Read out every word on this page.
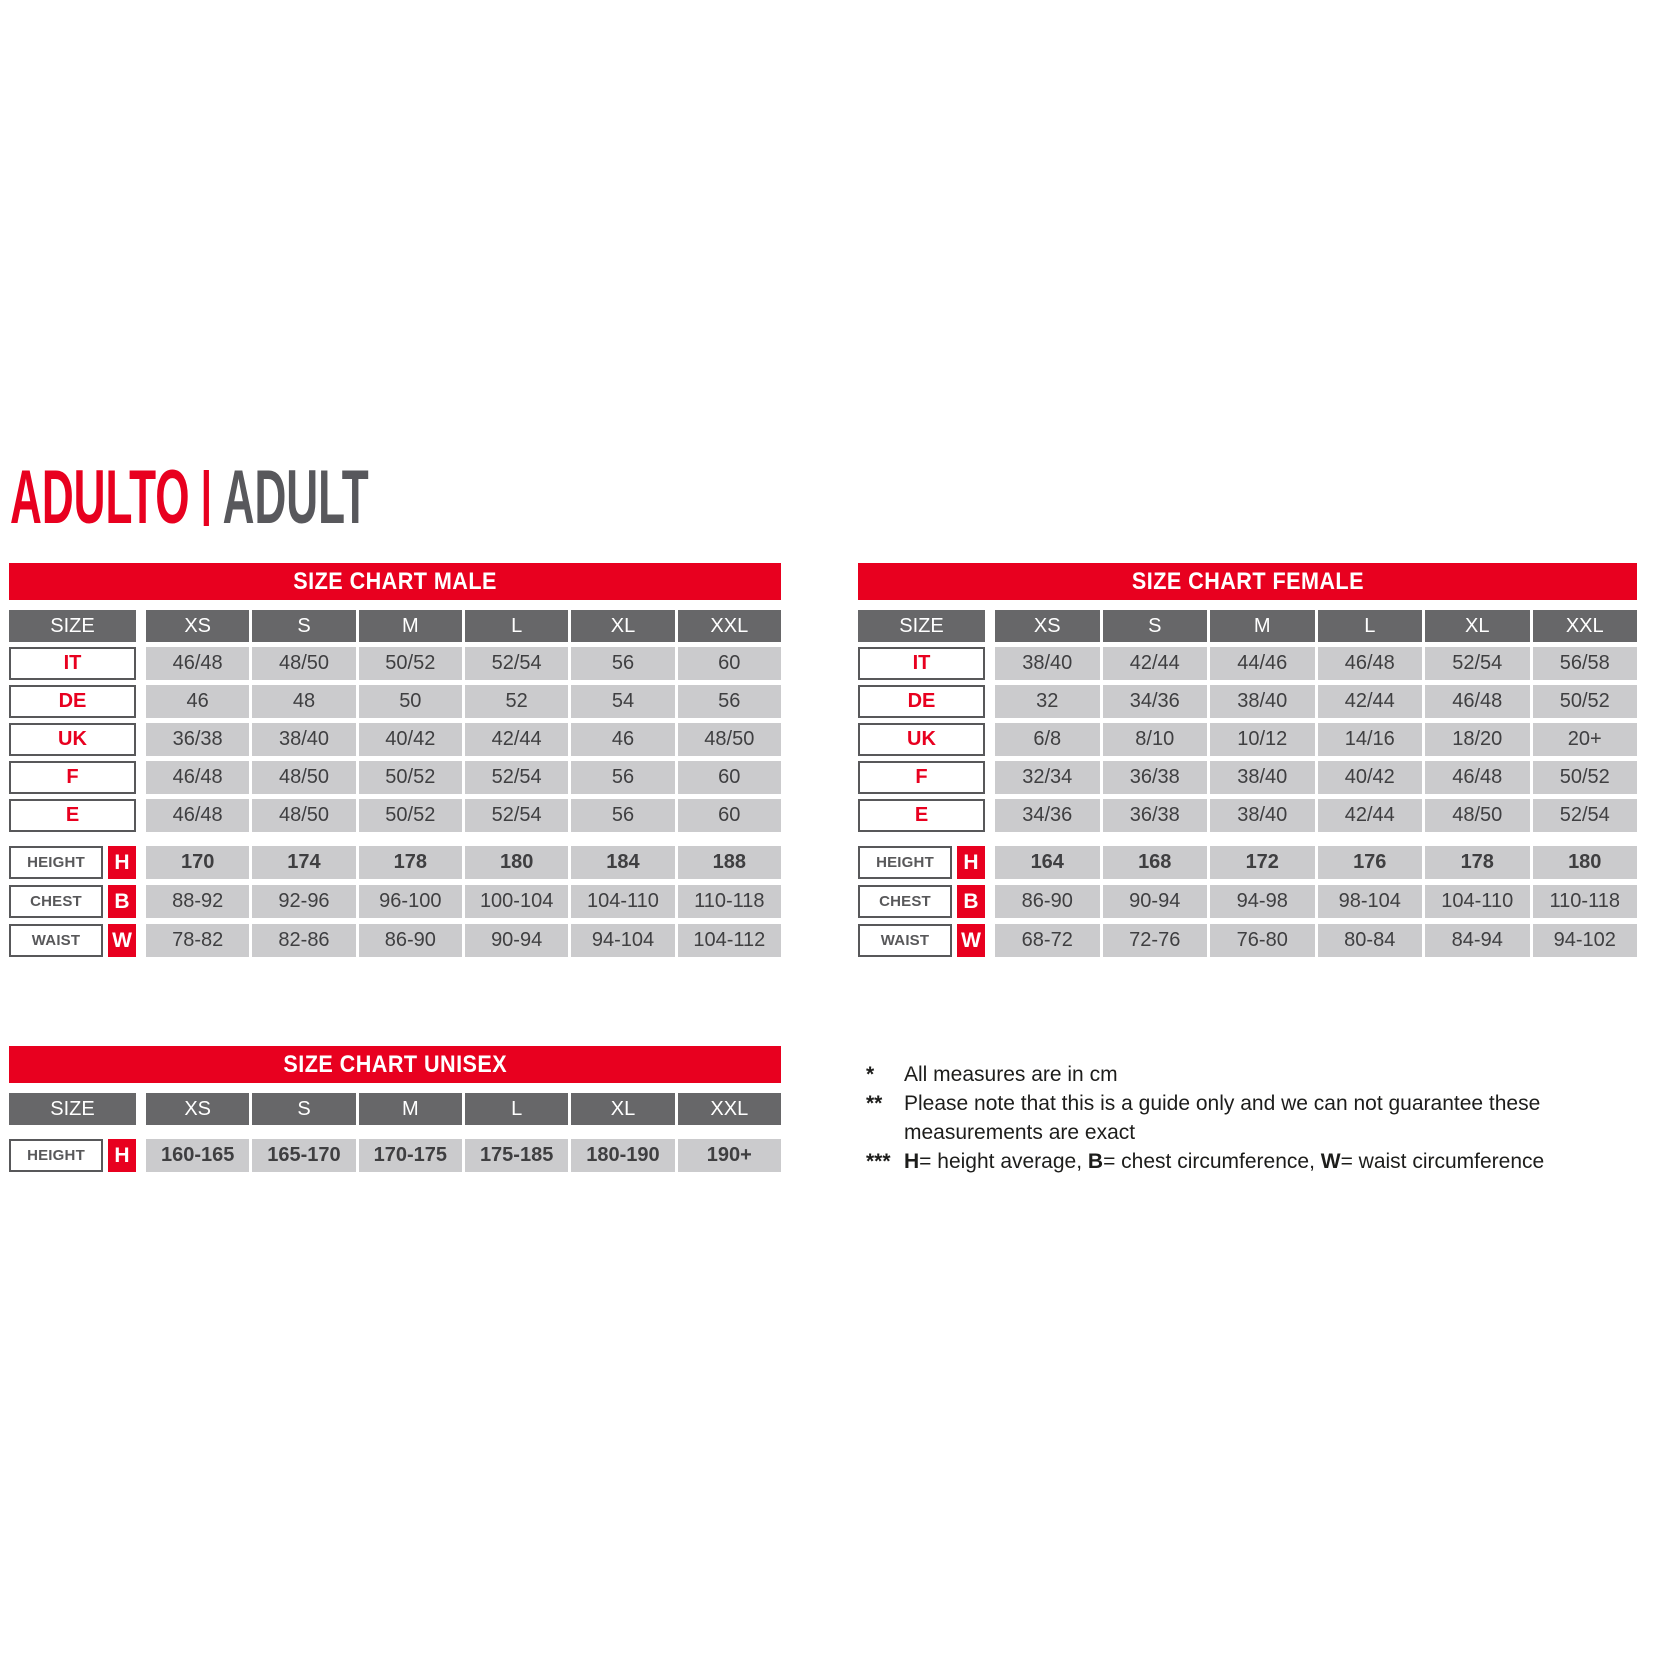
ADULTO ADULT
SIZE CHART MALE
SIZE	XS	S	M	L	XL	XXL
IT	46/48	48/50	50/52	52/54	56	60
DE	46	48	50	52	54	56
UK	36/38	38/40	40/42	42/44	46	48/50
F	46/48	48/50	50/52	52/54	56	60
E	46/48	48/50	50/52	52/54	56	60
HEIGHT	H	170	174	178	180	184	188
CHEST	B	88-92	92-96	96-100	100-104	104-110	110-118
WAIST	W	78-82	82-86	86-90	90-94	94-104	104-112
SIZE CHART FEMALE
SIZE	XS	S	M	L	XL	XXL
IT	38/40	42/44	44/46	46/48	52/54	56/58
DE	32	34/36	38/40	42/44	46/48	50/52
UK	6/8	8/10	10/12	14/16	18/20	20+
F	32/34	36/38	38/40	40/42	46/48	50/52
E	34/36	36/38	38/40	42/44	48/50	52/54
HEIGHT	H	164	168	172	176	178	180
CHEST	B	86-90	90-94	94-98	98-104	104-110	110-118
WAIST	W	68-72	72-76	76-80	80-84	84-94	94-102
SIZE CHART UNISEX
SIZE	XS	S	M	L	XL	XXL
HEIGHT	H	160-165	165-170	170-175	175-185	180-190	190+
*	All measures are in cm
**	Please note that this is a guide only and we can not guarantee these measurements are exact
*** H= height average, B= chest circumference, W= waist circumference
